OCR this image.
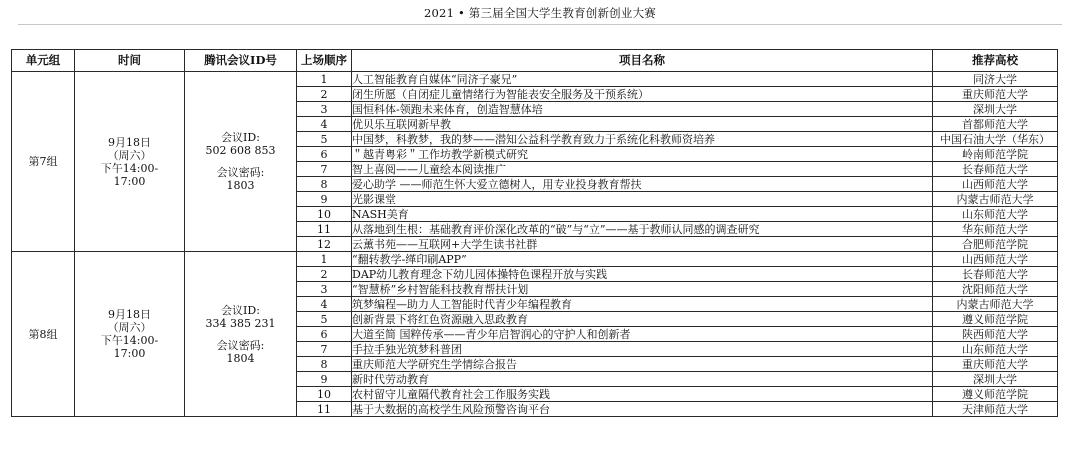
2021 • 第三届全国大学生教育创新创业大赛
单元组	时间	腾讯会议ID号	上场顺序	项目名称	推荐高校
第7组	9月18日
（周六）
下午14:00-
17:00	会议ID:
502 608 853
会议密码:
1803	1	人工智能教育自媒体“同济子豪兄”	同济大学
			2	闭生所愿（自闭症儿童情绪行为智能表安全服务及干预系统）	重庆师范大学
			3	国恒科体-领跑未来体育，创造智慧体培	深圳大学
			4	优贝乐互联网新早教	首都师范大学
			5	中国梦，科教梦，我的梦——潜知公益科学教育致力于系统化科教师资培养	中国石油大学（华东）
			6	＂越青粤彩＂工作坊教学新模式研究	岭南师范学院
			7	智上喜阅——儿童绘本阅读推广	长春师范大学
			8	爱心助学 ——师范生怀大爱立德树人，用专业投身教育帮扶	山西师范大学
			9	光影课堂	内蒙古师范大学
			10	NASH美育	山东师范大学
			11	从落地到生根：基础教育评价深化改革的“破”与“立”——基于教师认同感的调查研究	华东师范大学
			12	云薰书苑——互联网+大学生读书社群	合肥师范学院
第8组	9月18日
（周六）
下午14:00-
17:00	会议ID:
334 385 231
会议密码:
1804	1	“翻转教学-缂印刷APP”	山西师范大学
			2	DAP幼儿教育理念下幼儿园体操特色课程开放与实践	长春师范大学
			3	“智慧桥”乡村智能科技教育帮扶计划	沈阳师范大学
			4	筑梦编程—助力人工智能时代青少年编程教育	内蒙古师范大学
			5	创新背景下将红色资源融入思政教育	遵义师范学院
			6	大道至简 国粹传承——青少年启智润心的守护人和创新者	陕西师范大学
			7	手拉手独光筑梦科普团	山东师范大学
			8	重庆师范大学研究生学情综合报告	重庆师范大学
			9	新时代劳动教育	深圳大学
			10	农村留守儿童隔代教育社会工作服务实践	遵义师范学院
			11	基于大数据的高校学生风险预警咨询平台	天津师范大学
